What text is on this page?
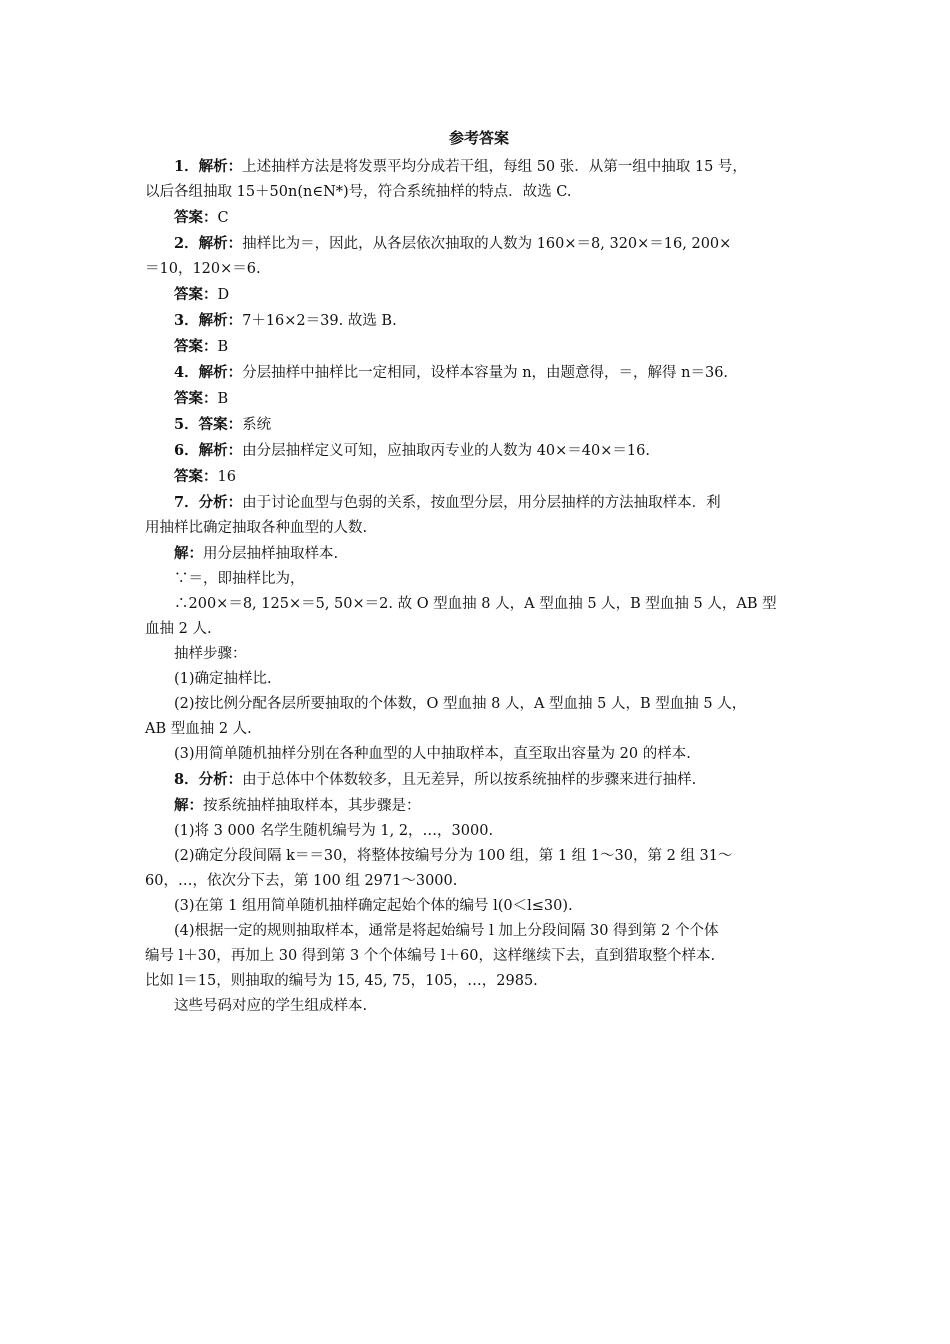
参考答案
1．解析：上述抽样方法是将发票平均分成若干组，每组 50 张．从第一组中抽取 15 号，
以后各组抽取 15＋50n(n∈N*)号，符合系统抽样的特点．故选 C.
答案：C
2．解析：抽样比为＝，因此，从各层依次抽取的人数为 160×＝8, 320×＝16, 200×
＝10，120×＝6.
答案：D
3．解析：7＋16×2＝39. 故选 B.
答案：B
4．解析：分层抽样中抽样比一定相同，设样本容量为 n，由题意得，＝，解得 n＝36.
答案：B
5．答案：系统
6．解析：由分层抽样定义可知，应抽取丙专业的人数为 40×＝40×＝16.
答案：16
7．分析：由于讨论血型与色弱的关系，按血型分层，用分层抽样的方法抽取样本．利
用抽样比确定抽取各种血型的人数.
解：用分层抽样抽取样本.
∵＝，即抽样比为，
∴200×＝8, 125×＝5, 50×＝2. 故 O 型血抽 8 人，A 型血抽 5 人，B 型血抽 5 人，AB 型
血抽 2 人.
抽样步骤：
(1)确定抽样比.
(2)按比例分配各层所要抽取的个体数，O 型血抽 8 人，A 型血抽 5 人，B 型血抽 5 人，
AB 型血抽 2 人.
(3)用简单随机抽样分别在各种血型的人中抽取样本，直至取出容量为 20 的样本.
8．分析：由于总体中个体数较多，且无差异，所以按系统抽样的步骤来进行抽样.
解：按系统抽样抽取样本，其步骤是：
(1)将 3 000 名学生随机编号为 1, 2，…，3000.
(2)确定分段间隔 k＝＝30，将整体按编号分为 100 组，第 1 组 1～30，第 2 组 31～
60，…，依次分下去，第 100 组 2971～3000.
(3)在第 1 组用简单随机抽样确定起始个体的编号 l(0＜l≤30).
(4)根据一定的规则抽取样本，通常是将起始编号 l 加上分段间隔 30 得到第 2 个个体
编号 l＋30，再加上 30 得到第 3 个个体编号 l＋60，这样继续下去，直到猎取整个样本.
比如 l＝15，则抽取的编号为 15, 45, 75，105，…，2985.
这些号码对应的学生组成样本.
